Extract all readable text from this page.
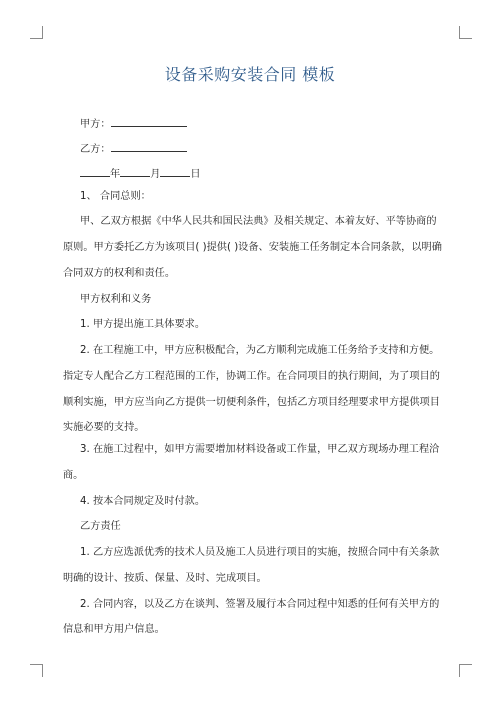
设备采购安装合同 模板
甲方：
乙方：
年	月	日
1、 合同总则：
甲、乙双方根据《中华人民共和国民法典》及相关规定、本着友好、平等协商的
原则。甲方委托乙方为该项目( )提供( )设备、安装施工任务制定本合同条款，以明确
合同双方的权利和责任。
甲方权利和义务
1. 甲方提出施工具体要求。
2. 在工程施工中，甲方应积极配合，为乙方顺利完成施工任务给予支持和方便。
指定专人配合乙方工程范围的工作，协调工作。在合同项目的执行期间，为了项目的
顺利实施，甲方应当向乙方提供一切便利条件，包括乙方项目经理要求甲方提供项目
实施必要的支持。
3. 在施工过程中，如甲方需要增加材料设备或工作量，甲乙双方现场办理工程洽
商。
4. 按本合同规定及时付款。
乙方责任
1. 乙方应选派优秀的技术人员及施工人员进行项目的实施，按照合同中有关条款
明确的设计、按质、保量、及时、完成项目。
2. 合同内容，以及乙方在谈判、签署及履行本合同过程中知悉的任何有关甲方的
信息和甲方用户信息。
